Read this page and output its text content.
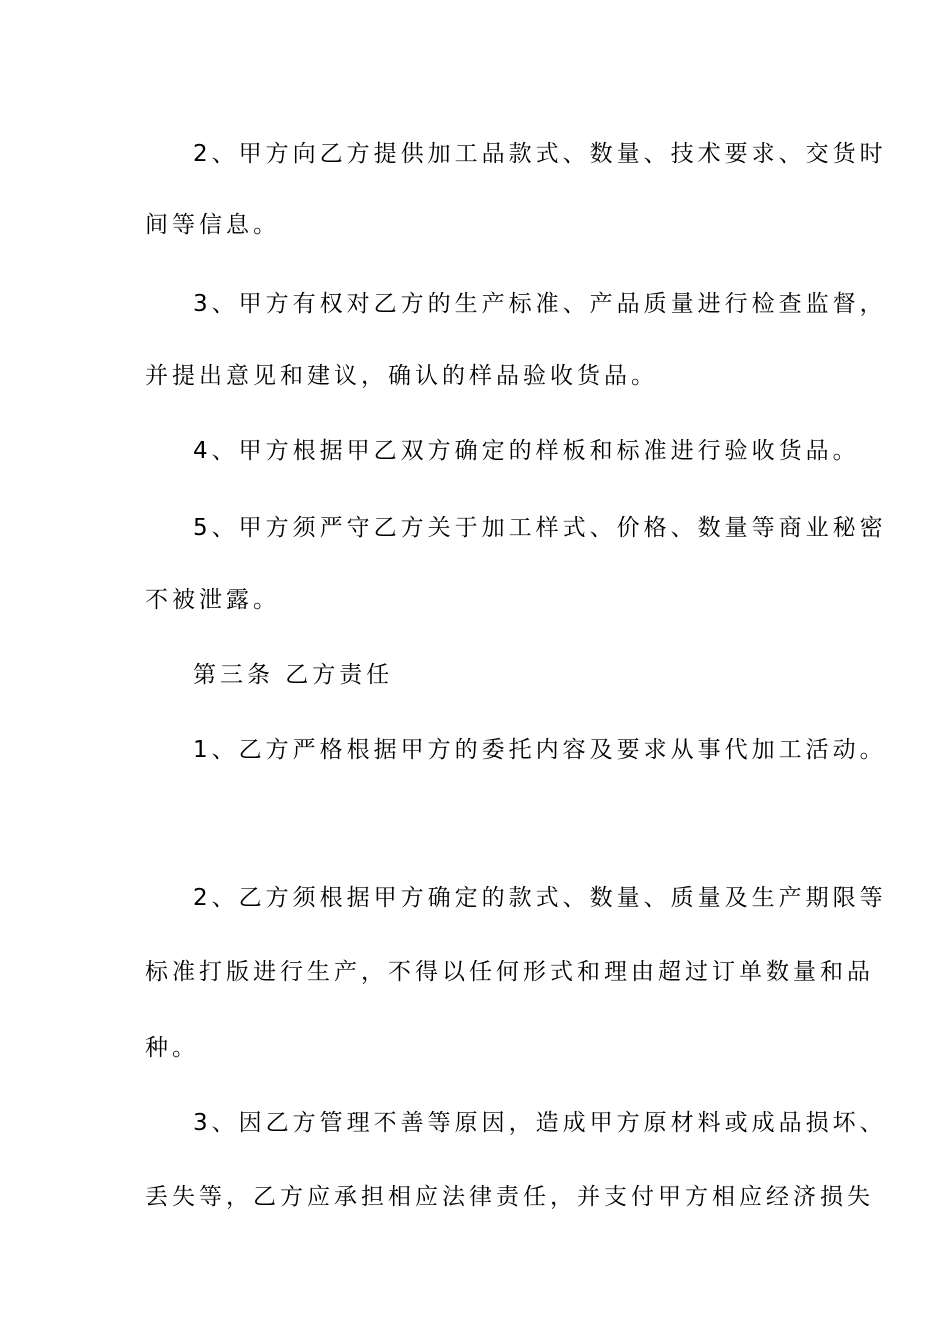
2、甲方向乙方提供加工品款式、数量、技术要求、交货时
间等信息。
3、甲方有权对乙方的生产标准、产品质量进行检查监督，
并提出意见和建议，确认的样品验收货品。
4、甲方根据甲乙双方确定的样板和标准进行验收货品。
5、甲方须严守乙方关于加工样式、价格、数量等商业秘密
不被泄露。
第三条 乙方责任
1、乙方严格根据甲方的委托内容及要求从事代加工活动。
2、乙方须根据甲方确定的款式、数量、质量及生产期限等
标准打版进行生产，不得以任何形式和理由超过订单数量和品
种。
3、因乙方管理不善等原因，造成甲方原材料或成品损坏、
丢失等，乙方应承担相应法律责任，并支付甲方相应经济损失
